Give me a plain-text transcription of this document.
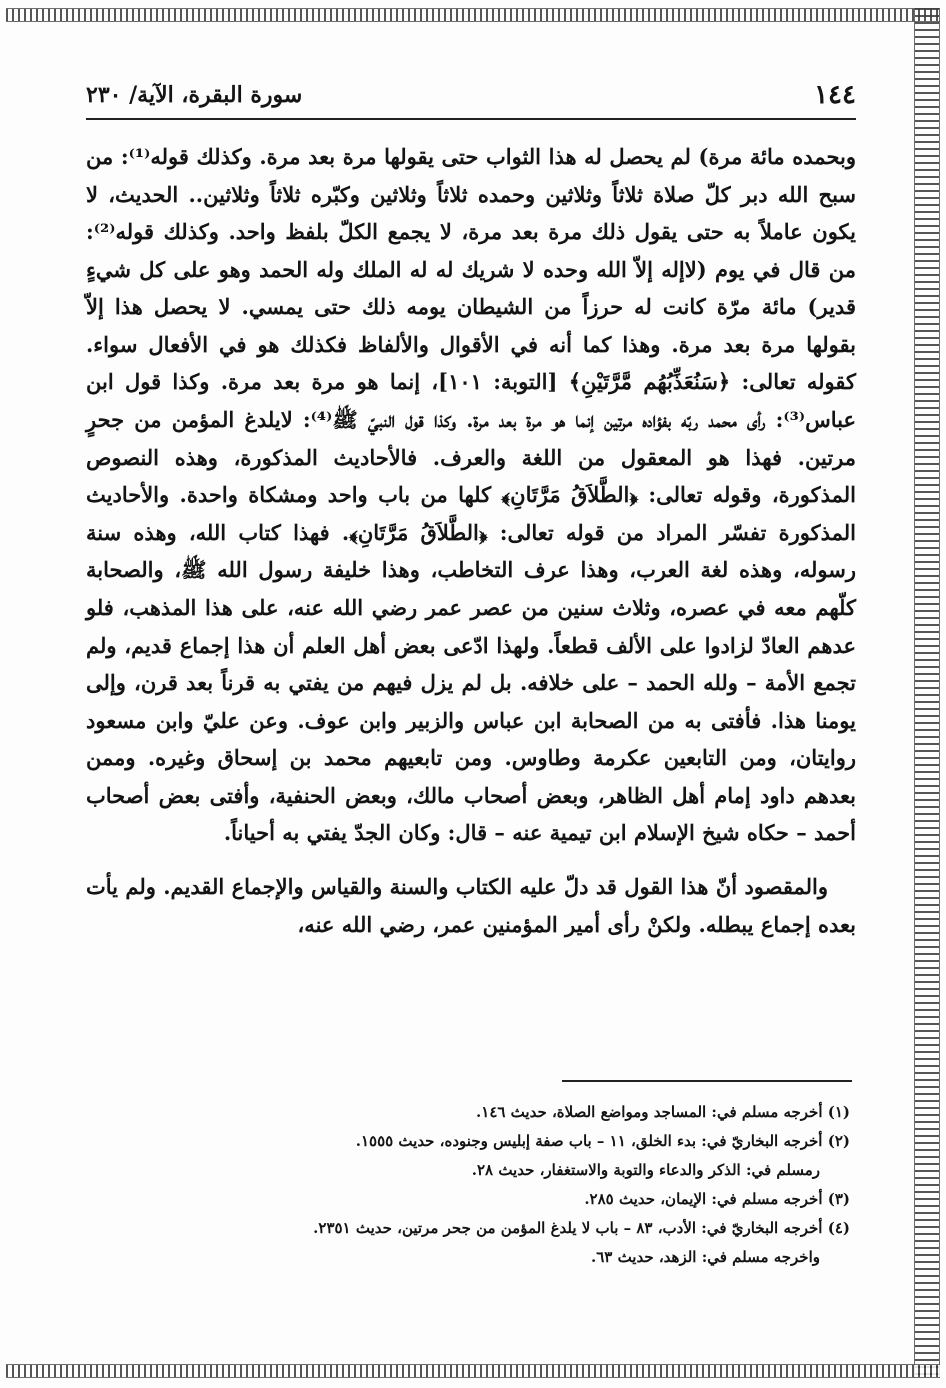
١٤٤
سورة البقرة، الآية/ ٢٣٠

وبحمده مائة مرة) لم يحصل له هذا الثواب حتى يقولها مرة بعد مرة. وكذلك قوله⁽¹⁾: من سبح الله دبر كلّ صلاة ثلاثاً وثلاثين وحمده ثلاثاً وثلاثين وكبّره ثلاثاً وثلاثين.. الحديث، لا يكون عاملاً به حتى يقول ذلك مرة بعد مرة، لا يجمع الكلّ بلفظ واحد. وكذلك قوله⁽²⁾: من قال في يوم (لاإله إلاّ الله وحده لا شريك له له الملك وله الحمد وهو على كل شيءٍ قدير) مائة مرّة كانت له حرزاً من الشيطان يومه ذلك حتى يمسي. لا يحصل هذا إلاّ بقولها مرة بعد مرة. وهذا كما أنه في الأقوال والألفاظ فكذلك هو في الأفعال سواء. كقوله تعالى: ﴿سَنُعَذِّبُهُم مَّرَّتَيْنِ﴾ [التوبة: ١٠١]، إنما هو مرة بعد مرة. وكذا قول ابن عباس⁽³⁾: رأى محمد ربّه بفؤاده مرتين إنما هو مرة بعد مرة. وكذا قول النبيّ ﷺ⁽⁴⁾: لايلدغ المؤمن من جحرٍ مرتين. فهذا هو المعقول من اللغة والعرف. فالأحاديث المذكورة، وهذه النصوص المذكورة، وقوله تعالى: ﴿الطَّلاَقُ مَرَّتَانِ﴾ كلها من باب واحد ومشكاة واحدة. والأحاديث المذكورة تفسّر المراد من قوله تعالى: ﴿الطَّلاَقُ مَرَّتَانِ﴾. فهذا كتاب الله، وهذه سنة رسوله، وهذه لغة العرب، وهذا عرف التخاطب، وهذا خليفة رسول الله ﷺ، والصحابة كلّهم معه في عصره، وثلاث سنين من عصر عمر رضي الله عنه، على هذا المذهب، فلو عدهم العادّ لزادوا على الألف قطعاً. ولهذا ادّعى بعض أهل العلم أن هذا إجماع قديم، ولم تجمع الأمة – ولله الحمد – على خلافه. بل لم يزل فيهم من يفتي به قرناً بعد قرن، وإلى يومنا هذا. فأفتى به من الصحابة ابن عباس والزبير وابن عوف. وعن عليّ وابن مسعود روايتان، ومن التابعين عكرمة وطاوس. ومن تابعيهم محمد بن إسحاق وغيره. وممن بعدهم داود إمام أهل الظاهر، وبعض أصحاب مالك، وبعض الحنفية، وأفتى بعض أصحاب أحمد – حكاه شيخ الإسلام ابن تيمية عنه – قال: وكان الجدّ يفتي به أحياناً.

والمقصود أنّ هذا القول قد دلّ عليه الكتاب والسنة والقياس والإجماع القديم. ولم يأت بعده إجماع يبطله. ولكنْ رأى أمير المؤمنين عمر، رضي الله عنه،

(١) أخرجه مسلم في: المساجد ومواضع الصلاة، حديث ١٤٦.

(٢) أخرجه البخاريّ في: بدء الخلق، ١١ – باب صفة إبليس وجنوده، حديث ١٥٥٥.

رمسلم في: الذكر والدعاء والتوبة والاستغفار، حديث ٢٨.

(٣) أخرجه مسلم في: الإيمان، حديث ٢٨٥.

(٤) أخرجه البخاريّ في: الأدب، ٨٣ – باب لا يلدغ المؤمن من جحر مرتين، حديث ٢٣٥١.

واخرجه مسلم في: الزهد، حديث ٦٣.
